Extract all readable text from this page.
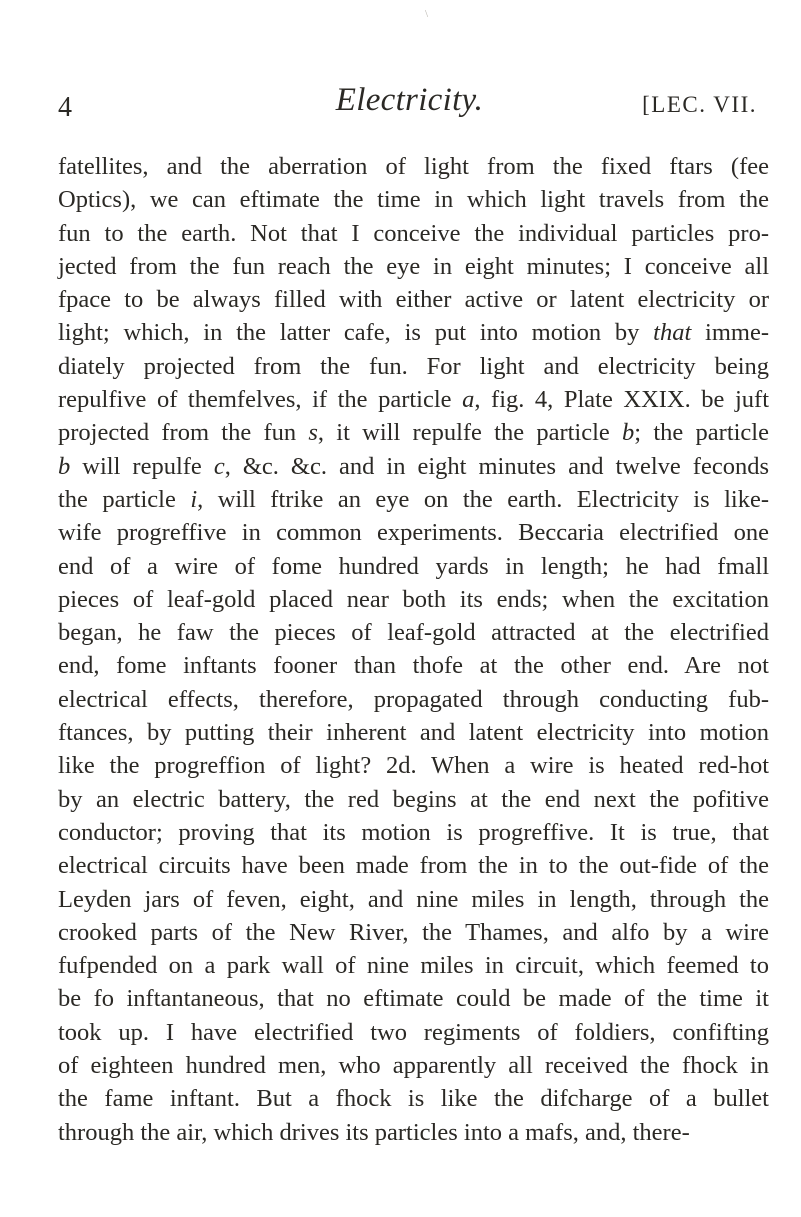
\
4	Electricity.	[LEC. VII.
fatellites, and the aberration of light from the fixed ftars (fee
Optics), we can eftimate the time in which light travels from the
fun to the earth. Not that I conceive the individual particles pro-
jected from the fun reach the eye in eight minutes; I conceive all
fpace to be always filled with either active or latent electricity or
light; which, in the latter cafe, is put into motion by that imme-
diately projected from the fun. For light and electricity being
repulfive of themfelves, if the particle a, fig. 4, Plate XXIX. be juft
projected from the fun s, it will repulfe the particle b; the particle
b will repulfe c, &c. &c. and in eight minutes and twelve feconds
the particle i, will ftrike an eye on the earth. Electricity is like-
wife progreffive in common experiments. Beccaria electrified one
end of a wire of fome hundred yards in length; he had fmall
pieces of leaf-gold placed near both its ends; when the excitation
began, he faw the pieces of leaf-gold attracted at the electrified
end, fome inftants fooner than thofe at the other end. Are not
electrical effects, therefore, propagated through conducting fub-
ftances, by putting their inherent and latent electricity into motion
like the progreffion of light? 2d. When a wire is heated red-hot
by an electric battery, the red begins at the end next the pofitive
conductor; proving that its motion is progreffive. It is true, that
electrical circuits have been made from the in to the out-fide of the
Leyden jars of feven, eight, and nine miles in length, through the
crooked parts of the New River, the Thames, and alfo by a wire
fufpended on a park wall of nine miles in circuit, which feemed to
be fo inftantaneous, that no eftimate could be made of the time it
took up. I have electrified two regiments of foldiers, confifting
of eighteen hundred men, who apparently all received the fhock in
the fame inftant. But a fhock is like the difcharge of a bullet
through the air, which drives its particles into a mafs, and, there-
